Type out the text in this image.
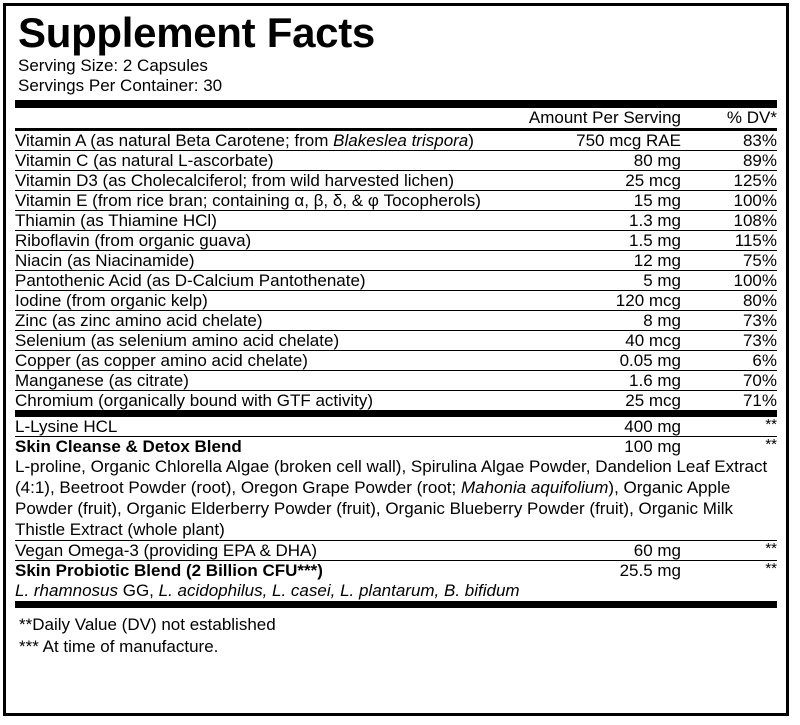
Supplement Facts
Serving Size: 2 Capsules
Servings Per Container: 30
	Amount Per Serving	% DV*
Vitamin A (as natural Beta Carotene; from Blakeslea trispora)	750 mcg RAE	83%
Vitamin C (as natural L-ascorbate)	80 mg	89%
Vitamin D3 (as Cholecalciferol; from wild harvested lichen)	25 mcg	125%
Vitamin E (from rice bran; containing α, β, δ, & φ Tocopherols)	15 mg	100%
Thiamin (as Thiamine HCl)	1.3 mg	108%
Riboflavin (from organic guava)	1.5 mg	115%
Niacin (as Niacinamide)	12 mg	75%
Pantothenic Acid (as D-Calcium Pantothenate)	5 mg	100%
Iodine (from organic kelp)	120 mcg	80%
Zinc (as zinc amino acid chelate)	8 mg	73%
Selenium (as selenium amino acid chelate)	40 mcg	73%
Copper (as copper amino acid chelate)	0.05 mg	6%
Manganese (as citrate)	1.6 mg	70%
Chromium (organically bound with GTF activity)	25 mcg	71%
L-Lysine HCL	400 mg	**
Skin Cleanse & Detox Blend	100 mg	**
L-proline, Organic Chlorella Algae (broken cell wall), Spirulina Algae Powder, Dandelion Leaf Extract (4:1), Beetroot Powder (root), Oregon Grape Powder (root; Mahonia aquifolium), Organic Apple Powder (fruit), Organic Elderberry Powder (fruit), Organic Blueberry Powder (fruit), Organic Milk Thistle Extract (whole plant)		
Vegan Omega-3 (providing EPA & DHA)	60 mg	**
Skin Probiotic Blend (2 Billion CFU***)	25.5 mg	**
L. rhamnosus GG, L. acidophilus, L. casei, L. plantarum, B. bifidum		
**Daily Value (DV) not established
*** At time of manufacture.
